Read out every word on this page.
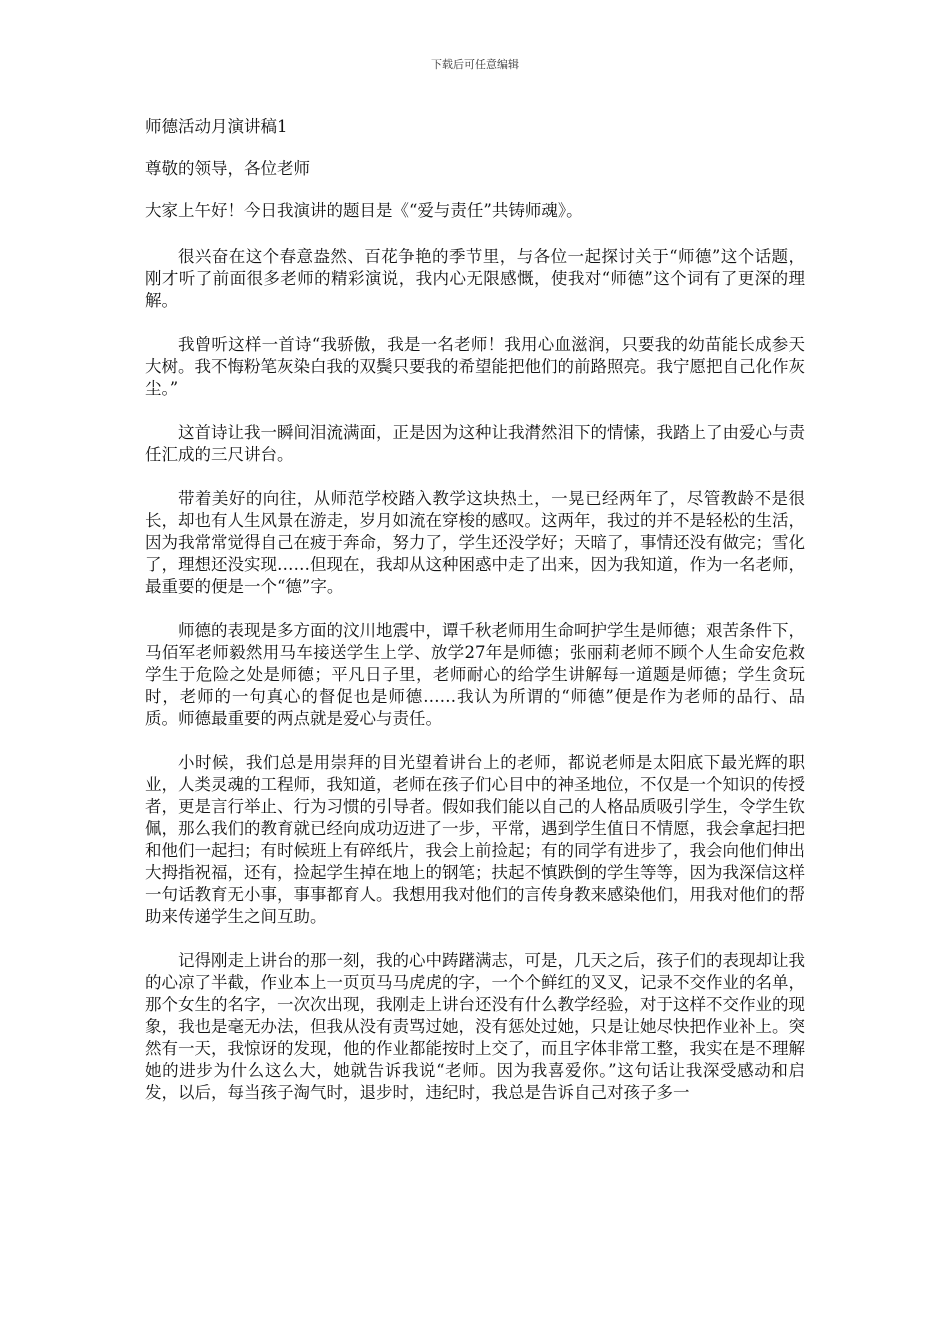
下载后可任意编辑

师德活动月演讲稿1

尊敬的领导，各位老师

大家上午好！今日我演讲的题目是《“爱与责任”共铸师魂》。

很兴奋在这个春意盎然、百花争艳的季节里，与各位一起探讨关于“师德”这个话题，刚才听了前面很多老师的精彩演说，我内心无限感慨，使我对“师德”这个词有了更深的理解。

我曾听这样一首诗“我骄傲，我是一名老师！我用心血滋润，只要我的幼苗能长成参天大树。我不悔粉笔灰染白我的双鬓只要我的希望能把他们的前路照亮。我宁愿把自己化作灰尘。”

这首诗让我一瞬间泪流满面，正是因为这种让我潸然泪下的情愫，我踏上了由爱心与责任汇成的三尺讲台。

带着美好的向往，从师范学校踏入教学这块热土，一晃已经两年了，尽管教龄不是很长，却也有人生风景在游走，岁月如流在穿梭的感叹。这两年，我过的并不是轻松的生活，因为我常常觉得自己在疲于奔命，努力了，学生还没学好；天暗了，事情还没有做完；雪化了，理想还没实现……但现在，我却从这种困惑中走了出来，因为我知道，作为一名老师，最重要的便是一个“德”字。

师德的表现是多方面的汶川地震中，谭千秋老师用生命呵护学生是师德；艰苦条件下，马佰军老师毅然用马车接送学生上学、放学27年是师德；张丽莉老师不顾个人生命安危救学生于危险之处是师德；平凡日子里，老师耐心的给学生讲解每一道题是师德；学生贪玩时，老师的一句真心的督促也是师德……我认为所谓的“师德”便是作为老师的品行、品质。师德最重要的两点就是爱心与责任。

小时候，我们总是用崇拜的目光望着讲台上的老师，都说老师是太阳底下最光辉的职业，人类灵魂的工程师，我知道，老师在孩子们心目中的神圣地位，不仅是一个知识的传授者，更是言行举止、行为习惯的引导者。假如我们能以自己的人格品质吸引学生，令学生钦佩，那么我们的教育就已经向成功迈进了一步，平常，遇到学生值日不情愿，我会拿起扫把和他们一起扫；有时候班上有碎纸片，我会上前捡起；有的同学有进步了，我会向他们伸出大拇指祝福，还有，捡起学生掉在地上的钢笔；扶起不慎跌倒的学生等等，因为我深信这样一句话教育无小事，事事都育人。我想用我对他们的言传身教来感染他们，用我对他们的帮助来传递学生之间互助。

记得刚走上讲台的那一刻，我的心中踌躇满志，可是，几天之后，孩子们的表现却让我的心凉了半截，作业本上一页页马马虎虎的字，一个个鲜红的叉叉，记录不交作业的名单，那个女生的名字，一次次出现，我刚走上讲台还没有什么教学经验，对于这样不交作业的现象，我也是毫无办法，但我从没有责骂过她，没有惩处过她，只是让她尽快把作业补上。突然有一天，我惊讶的发现，他的作业都能按时上交了，而且字体非常工整，我实在是不理解她的进步为什么这么大，她就告诉我说“老师。因为我喜爱你。”这句话让我深受感动和启发，以后，每当孩子淘气时，退步时，违纪时，我总是告诉自己对孩子多一
